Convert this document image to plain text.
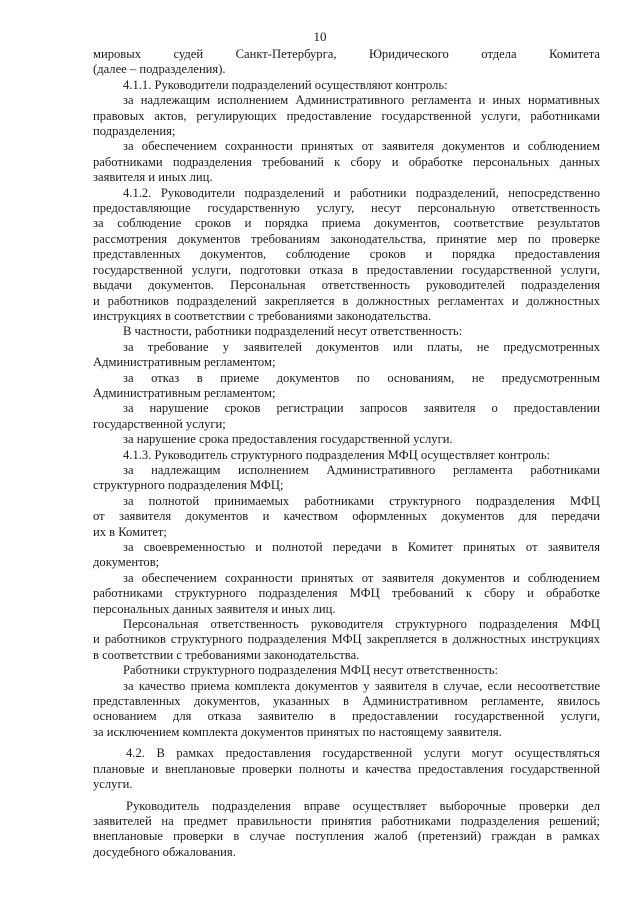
10
мировых судей Санкт-Петербурга, Юридического отдела Комитета
(далее – подразделения).
4.1.1. Руководители подразделений осуществляют контроль:
за надлежащим исполнением Административного регламента и иных нормативных
правовых актов, регулирующих предоставление государственной услуги, работниками
подразделения;
за обеспечением сохранности принятых от заявителя документов и соблюдением
работниками подразделения требований к сбору и обработке персональных данных
заявителя и иных лиц.
4.1.2. Руководители подразделений и работники подразделений, непосредственно
предоставляющие государственную услугу, несут персональную ответственность
за соблюдение сроков и порядка приема документов, соответствие результатов
рассмотрения документов требованиям законодательства, принятие мер по проверке
представленных документов, соблюдение сроков и порядка предоставления
государственной услуги, подготовки отказа в предоставлении государственной услуги,
выдачи документов. Персональная ответственность руководителей подразделения
и работников подразделений закрепляется в должностных регламентах и должностных
инструкциях в соответствии с требованиями законодательства.
В частности, работники подразделений несут ответственность:
за требование у заявителей документов или платы, не предусмотренных
Административным регламентом;
за отказ в приеме документов по основаниям, не предусмотренным
Административным регламентом;
за нарушение сроков регистрации запросов заявителя о предоставлении
государственной услуги;
за нарушение срока предоставления государственной услуги.
4.1.3. Руководитель структурного подразделения МФЦ осуществляет контроль:
за надлежащим исполнением Административного регламента работниками
структурного подразделения МФЦ;
за полнотой принимаемых работниками структурного подразделения МФЦ
от заявителя документов и качеством оформленных документов для передачи
их в Комитет;
за своевременностью и полнотой передачи в Комитет принятых от заявителя
документов;
за обеспечением сохранности принятых от заявителя документов и соблюдением
работниками структурного подразделения МФЦ требований к сбору и обработке
персональных данных заявителя и иных лиц.
Персональная ответственность руководителя структурного подразделения МФЦ
и работников структурного подразделения МФЦ закрепляется в должностных инструкциях
в соответствии с требованиями законодательства.
Работники структурного подразделения МФЦ несут ответственность:
за качество приема комплекта документов у заявителя в случае, если несоответствие
представленных документов, указанных в Административном регламенте, явилось
основанием для отказа заявителю в предоставлении государственной услуги,
за исключением комплекта документов принятых по настоящему заявителя.
4.2. В рамках предоставления государственной услуги могут осуществляться
плановые и внеплановые проверки полноты и качества предоставления государственной
услуги.
Руководитель подразделения вправе осуществляет выборочные проверки дел
заявителей на предмет правильности принятия работниками подразделения решений;
внеплановые проверки в случае поступления жалоб (претензий) граждан в рамках
досудебного обжалования.
